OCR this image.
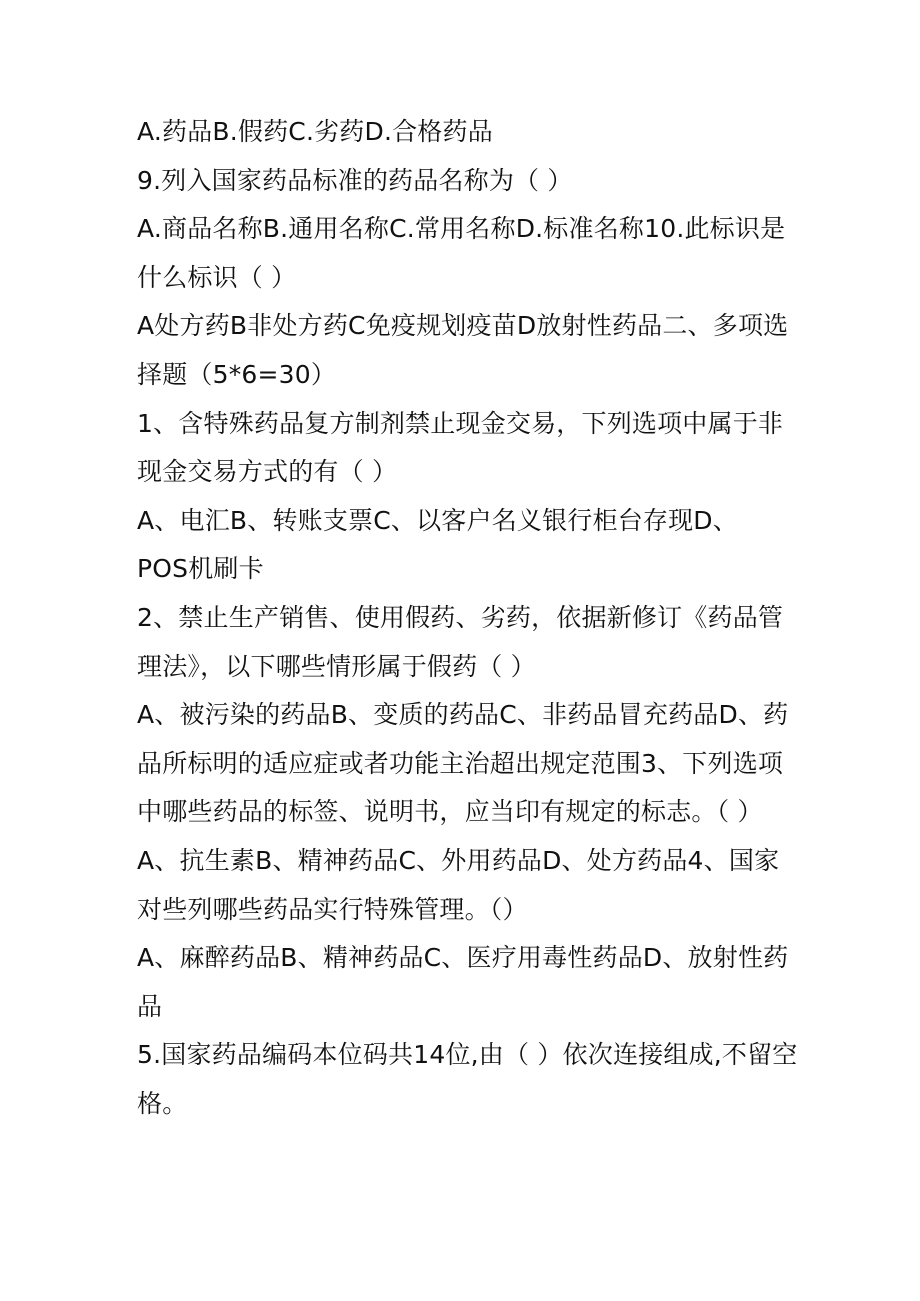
A.药品B.假药C.劣药D.合格药品
9.列入国家药品标准的药品名称为（ ）
A.商品名称B.通用名称C.常用名称D.标准名称10.此标识是
什么标识（ ）
A处方药B非处方药C免疫规划疫苗D放射性药品二、多项选
择题（5*6=30）
1、含特殊药品复方制剂禁止现金交易，下列选项中属于非
现金交易方式的有（ ）
A、电汇B、转账支票C、以客户名义银行柜台存现D、
POS机刷卡
2、禁止生产销售、使用假药、劣药，依据新修订《药品管
理法》，以下哪些情形属于假药（ ）
A、被污染的药品B、变质的药品C、非药品冒充药品D、药
品所标明的适应症或者功能主治超出规定范围3、下列选项
中哪些药品的标签、说明书，应当印有规定的标志。（ ）
A、抗生素B、精神药品C、外用药品D、处方药品4、国家
对些列哪些药品实行特殊管理。（）
A、麻醉药品B、精神药品C、医疗用毒性药品D、放射性药
品
5.国家药品编码本位码共14位,由（ ）依次连接组成,不留空
格。
